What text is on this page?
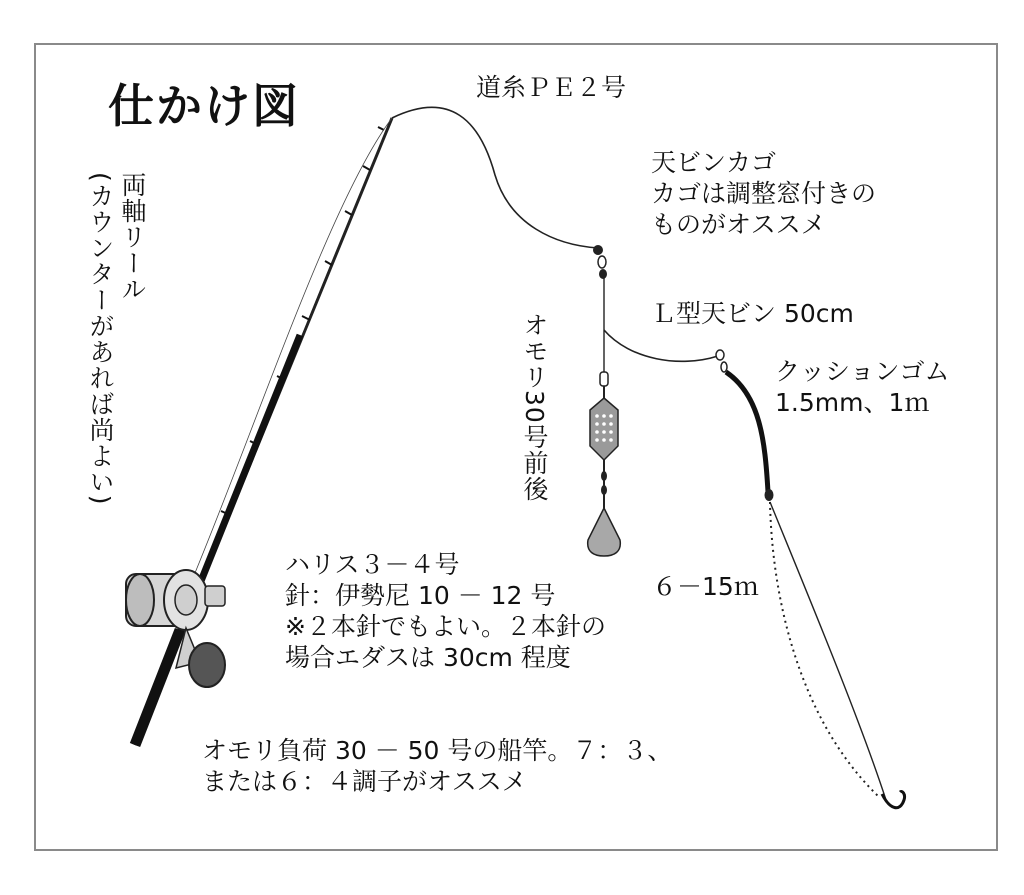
仕かけ図	道糸ＰＥ２号
天ビンカゴ
カゴは調整窓付きの
ものがオススメ
Ｌ型天ビン 50cm
クッションゴム
1.5mm、1ｍ
両軸リール
(カウンターがあれば尚よい)	オモリ30号前後
６－15ｍ
ハリス３－４号
針：伊勢尼 10 － 12 号
※２本針でもよい。２本針の
場合エダスは 30cm 程度
オモリ負荷 30 － 50 号の船竿。７：３、
または６：４調子がオススメ
